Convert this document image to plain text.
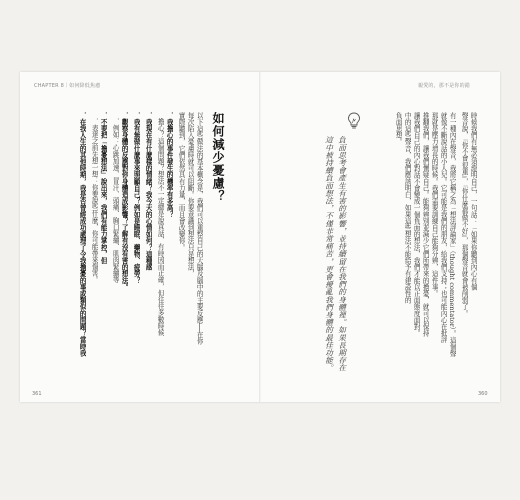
CHAPTER 8｜如何降低焦慮
如何減少憂慮？
以下這些做法的基本概念是，我們可以重整自己的大腦及腦中的主要反應──在你
每次陷入憂慮時就可以阻斷。你要意識到想法只是想法，
實際聽到，它們依然具有力量，而且會改變你。
．我擔心的事件發生的機率有多高？
擔心？這個問題？想法不一定總是說真話，有時因而正確，但往往多數時候
．我現在有什麼樣的情緒？我今天的心情如何？這種感
．我有無做什麼事來照顧自己？例如是睡眠、藥物、疲勞？
．觀察身體的反應對你身體造成影響？了解有沒有害的想法。
．例如：心跳加速、冒汗、頭痛、胸口緊繃、肌肉緊繃等
．不要把「擔憂想法」說出來，我們有能力掌控，但
．表達之前先想一想：你要說些什麼，你可能帶來傷害。
．在我人生的其他時期，我是否曾經成功處理了令我擔憂的事或類似的問題？當時我
361
親愛的，那不是你的錯
時候我們有無必須證明自己，一句話：「如果你聽到內心有個
聲音說，『你不會很重』，『你什麼都做不好』，那個聲音就會被削弱了。
有一種內在聲音，我將它稱之為「想法評論家」（thought commentator）。這個聲
就像不斷說話的小人兒。它可能是我們的朋友，給我們支持；也可能內心在批評
那就是壓力增長的時候。我們需要訓練自己能夠分辨，這件事。
推翻我們，讓我們懷疑自己。能夠辨別並減少它們所帶來的擔憂，就可以保持
讓我們自己的內心對話不會變成一個負面的想法，我們才能以正面態度面對。
中的這些聲音，我們應該明白，如果這些想法不能給予有建設性的
負面思想。
負面思考會產生有害的影響，並持續留在我們的身體裡。如果長期存在
這中被持續負面想法，不僅非常痛苦，更會擾亂我們身體的最佳功能。
360
